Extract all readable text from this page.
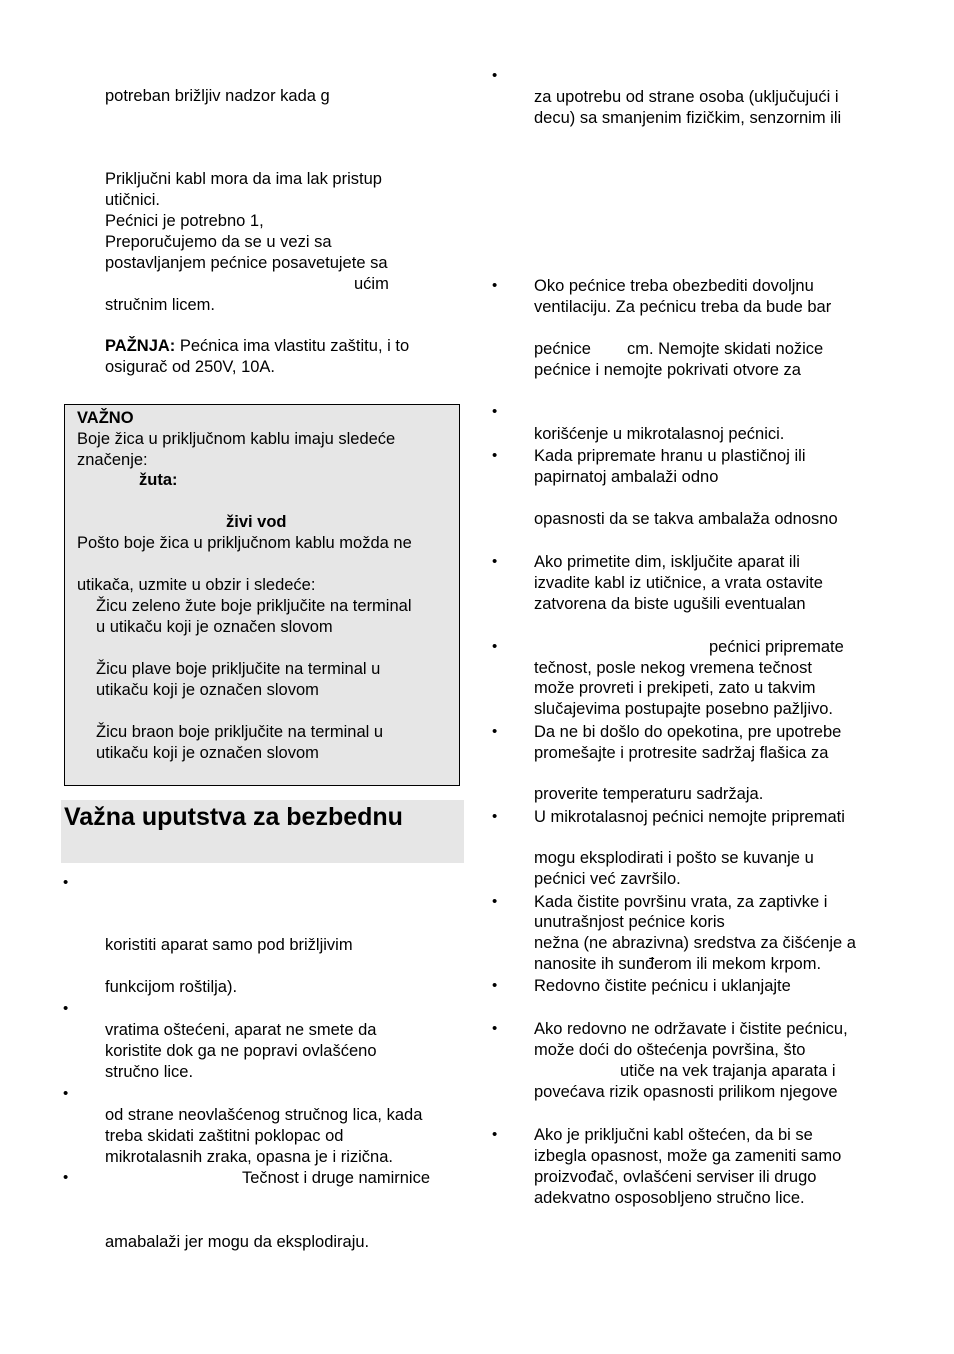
potreban brižljiv nadzor kada g
Priključni kabl mora da ima lak pristup
utičnici.
Pećnici je potrebno 1,
Preporučujemo da se u vezi sa
postavljanjem pećnice posavetujete sa
ućim
stručnim licem.
PAŽNJA: Pećnica ima vlastitu zaštitu, i to
osigurač od 250V, 10A.
VAŽNO
Boje žica u priključnom kablu imaju sledeće
značenje:
žuta:
živi vod
Pošto boje žica u priključnom kablu možda ne
utikača, uzmite u obzir i sledeće:
Žicu zeleno žute boje priključite na terminal
u utikaču koji je označen slovom
Žicu plave boje priključite na terminal u
utikaču koji je označen slovom
Žicu braon boje priključite na terminal u
utikaču koji je označen slovom
Važna uputstva za bezbednu
•
koristiti aparat samo pod brižljivim
funkcijom roštilja).
•
vratima oštećeni, aparat ne smete da
koristite dok ga ne popravi ovlašćeno
stručno lice.
•
od strane neovlašćenog stručnog lica, kada
treba skidati zaštitni poklopac od
mikrotalasnih zraka, opasna je i rizična.
•	Tečnost i druge namirnice
amabalaži jer mogu da eksplodiraju.
•
za upotrebu od strane osoba (uključujući i
decu) sa smanjenim fizičkim, senzornim ili
• Oko pećnice treba obezbediti dovoljnu
ventilaciju. Za pećnicu treba da bude bar
pećnice cm. Nemojte skidati nožice
pećnice i nemojte pokrivati otvore za
•
korišćenje u mikrotalasnoj pećnici.
• Kada pripremate hranu u plastičnoj ili
papirnatoj ambalaži odno
opasnosti da se takva ambalaža odnosno
• Ako primetite dim, isključite aparat ili
izvadite kabl iz utičnice, a vrata ostavite
zatvorena da biste ugušili eventualan
•	pećnici pripremate
tečnost, posle nekog vremena tečnost
može provreti i prekipeti, zato u takvim
slučajevima postupajte posebno pažljivo.
• Da ne bi došlo do opekotina, pre upotrebe
promešajte i protresite sadržaj flašica za
proverite temperaturu sadržaja.
• U mikrotalasnoj pećnici nemojte pripremati
mogu eksplodirati i pošto se kuvanje u
pećnici već završilo.
• Kada čistite površinu vrata, za zaptivke i
unutrašnjost pećnice koris
nežna (ne abrazivna) sredstva za čišćenje a
nanosite ih sunđerom ili mekom krpom.
• Redovno čistite pećnicu i uklanjajte
• Ako redovno ne održavate i čistite pećnicu,
može doći do oštećenja površina, što
utiče na vek trajanja aparata i
povećava rizik opasnosti prilikom njegove
• Ako je priključni kabl oštećen, da bi se
izbegla opasnost, može ga zameniti samo
proizvođač, ovlašćeni serviser ili drugo
adekvatno osposobljeno stručno lice.
